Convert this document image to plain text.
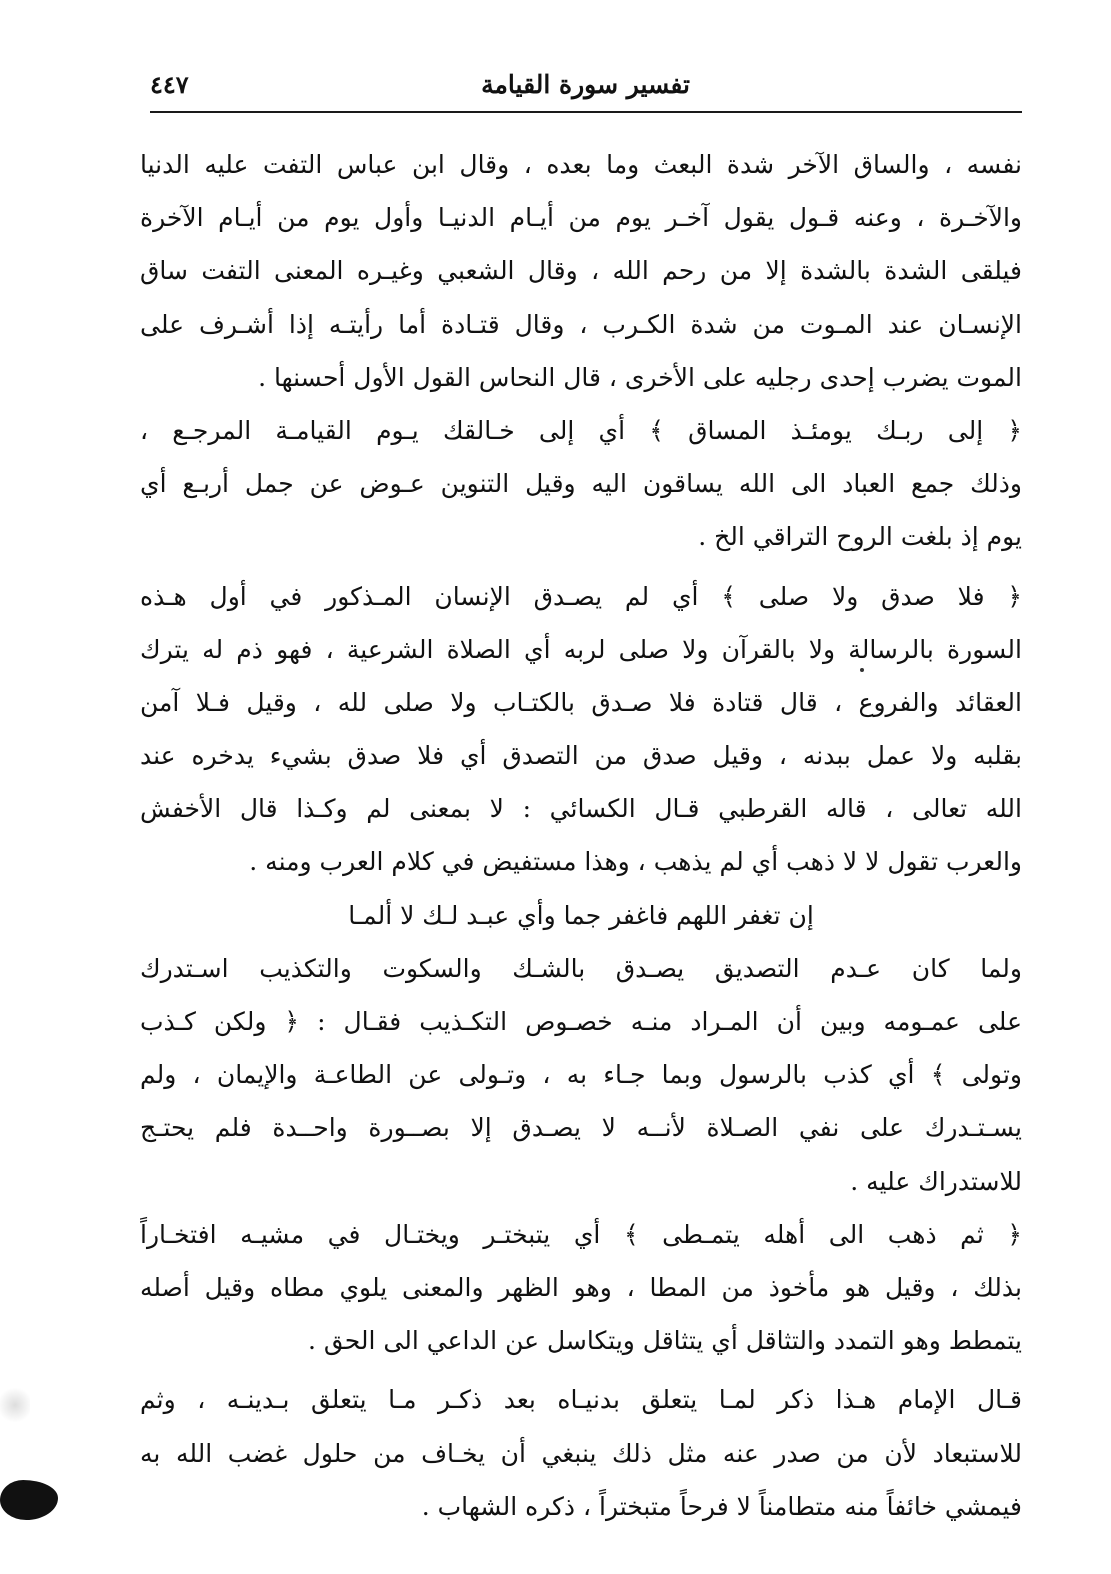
تفسير سورة القيامة
٤٤٧
نفسه ، والساق الآخر شدة البعث وما بعده ، وقال ابن عباس التفت عليه الدنيا
والآخـرة ، وعنه قـول يقول آخـر يوم من أيـام الدنيـا وأول يوم من أيـام الآخرة
فيلقى الشدة بالشدة إلا من رحم الله ، وقال الشعبي وغيـره المعنى التفت ساق
الإنسـان عند المـوت من شدة الكـرب ، وقال قتـادة أما رأيتـه إذا أشـرف على
الموت يضرب إحدى رجليه على الأخرى ، قال النحاس القول الأول أحسنها .
﴿ إلى ربـك يومئـذ المساق ﴾ أي إلى خـالقك يـوم القيامـة المرجـع ،
وذلك جمع العباد الى الله يساقون اليه وقيل التنوين عـوض عن جمل أربـع أي
يوم إذ بلغت الروح التراقي الخ .
﴿ فلا صدق ولا صلى ﴾ أي لم يصـدق الإنسان المـذكور في أول هـذه
السورة بالرسالة ولا بالقرآن ولا صلى لربه أي الصلاة الشرعية ، فهو ذم له يترك
العقائد والفروع ، قال قتادة فلا صـدق بالكتـاب ولا صلى لله ، وقيل فـلا آمن
بقلبه ولا عمل ببدنه ، وقيل صدق من التصدق أي فلا صدق بشيء يدخره عند
الله تعالى ، قاله القرطبي قـال الكسائي : لا بمعنى لم وكـذا قال الأخفش
والعرب تقول لا لا ذهب أي لم يذهب ، وهذا مستفيض في كلام العرب ومنه .
إن تغفر اللهم فاغفر جما وأي عبـد لـك لا ألمـا
ولما كان عـدم التصديق يصـدق بالشـك والسكوت والتكذيب اسـتدرك
على عمـومه وبين أن المـراد منـه خصـوص التكـذيب فقـال : ﴿ ولكن كـذب
وتولى ﴾ أي كذب بالرسول وبما جـاء به ، وتـولى عن الطاعـة والإيمان ، ولم
يسـتـدرك على نفي الصـلاة لأنــه لا يصـدق إلا بصــورة واحــدة فلم يحتـج
للاستدراك عليه .
﴿ ثم ذهب الى أهله يتمـطى ﴾ أي يتبختـر ويختـال في مشيـه افتخـاراً
بذلك ، وقيل هو مأخوذ من المطا ، وهو الظهر والمعنى يلوي مطاه وقيل أصله
يتمطط وهو التمدد والتثاقل أي يتثاقل ويتكاسل عن الداعي الى الحق .
قـال الإمام هـذا ذكر لمـا يتعلق بدنيـاه بعد ذكـر مـا يتعلق بـدينـه ، وثم
للاستبعاد لأن من صدر عنه مثل ذلك ينبغي أن يخـاف من حلول غضب الله به
فيمشي خائفاً منه متطامناً لا فرحاً متبختراً ، ذكره الشهاب .
